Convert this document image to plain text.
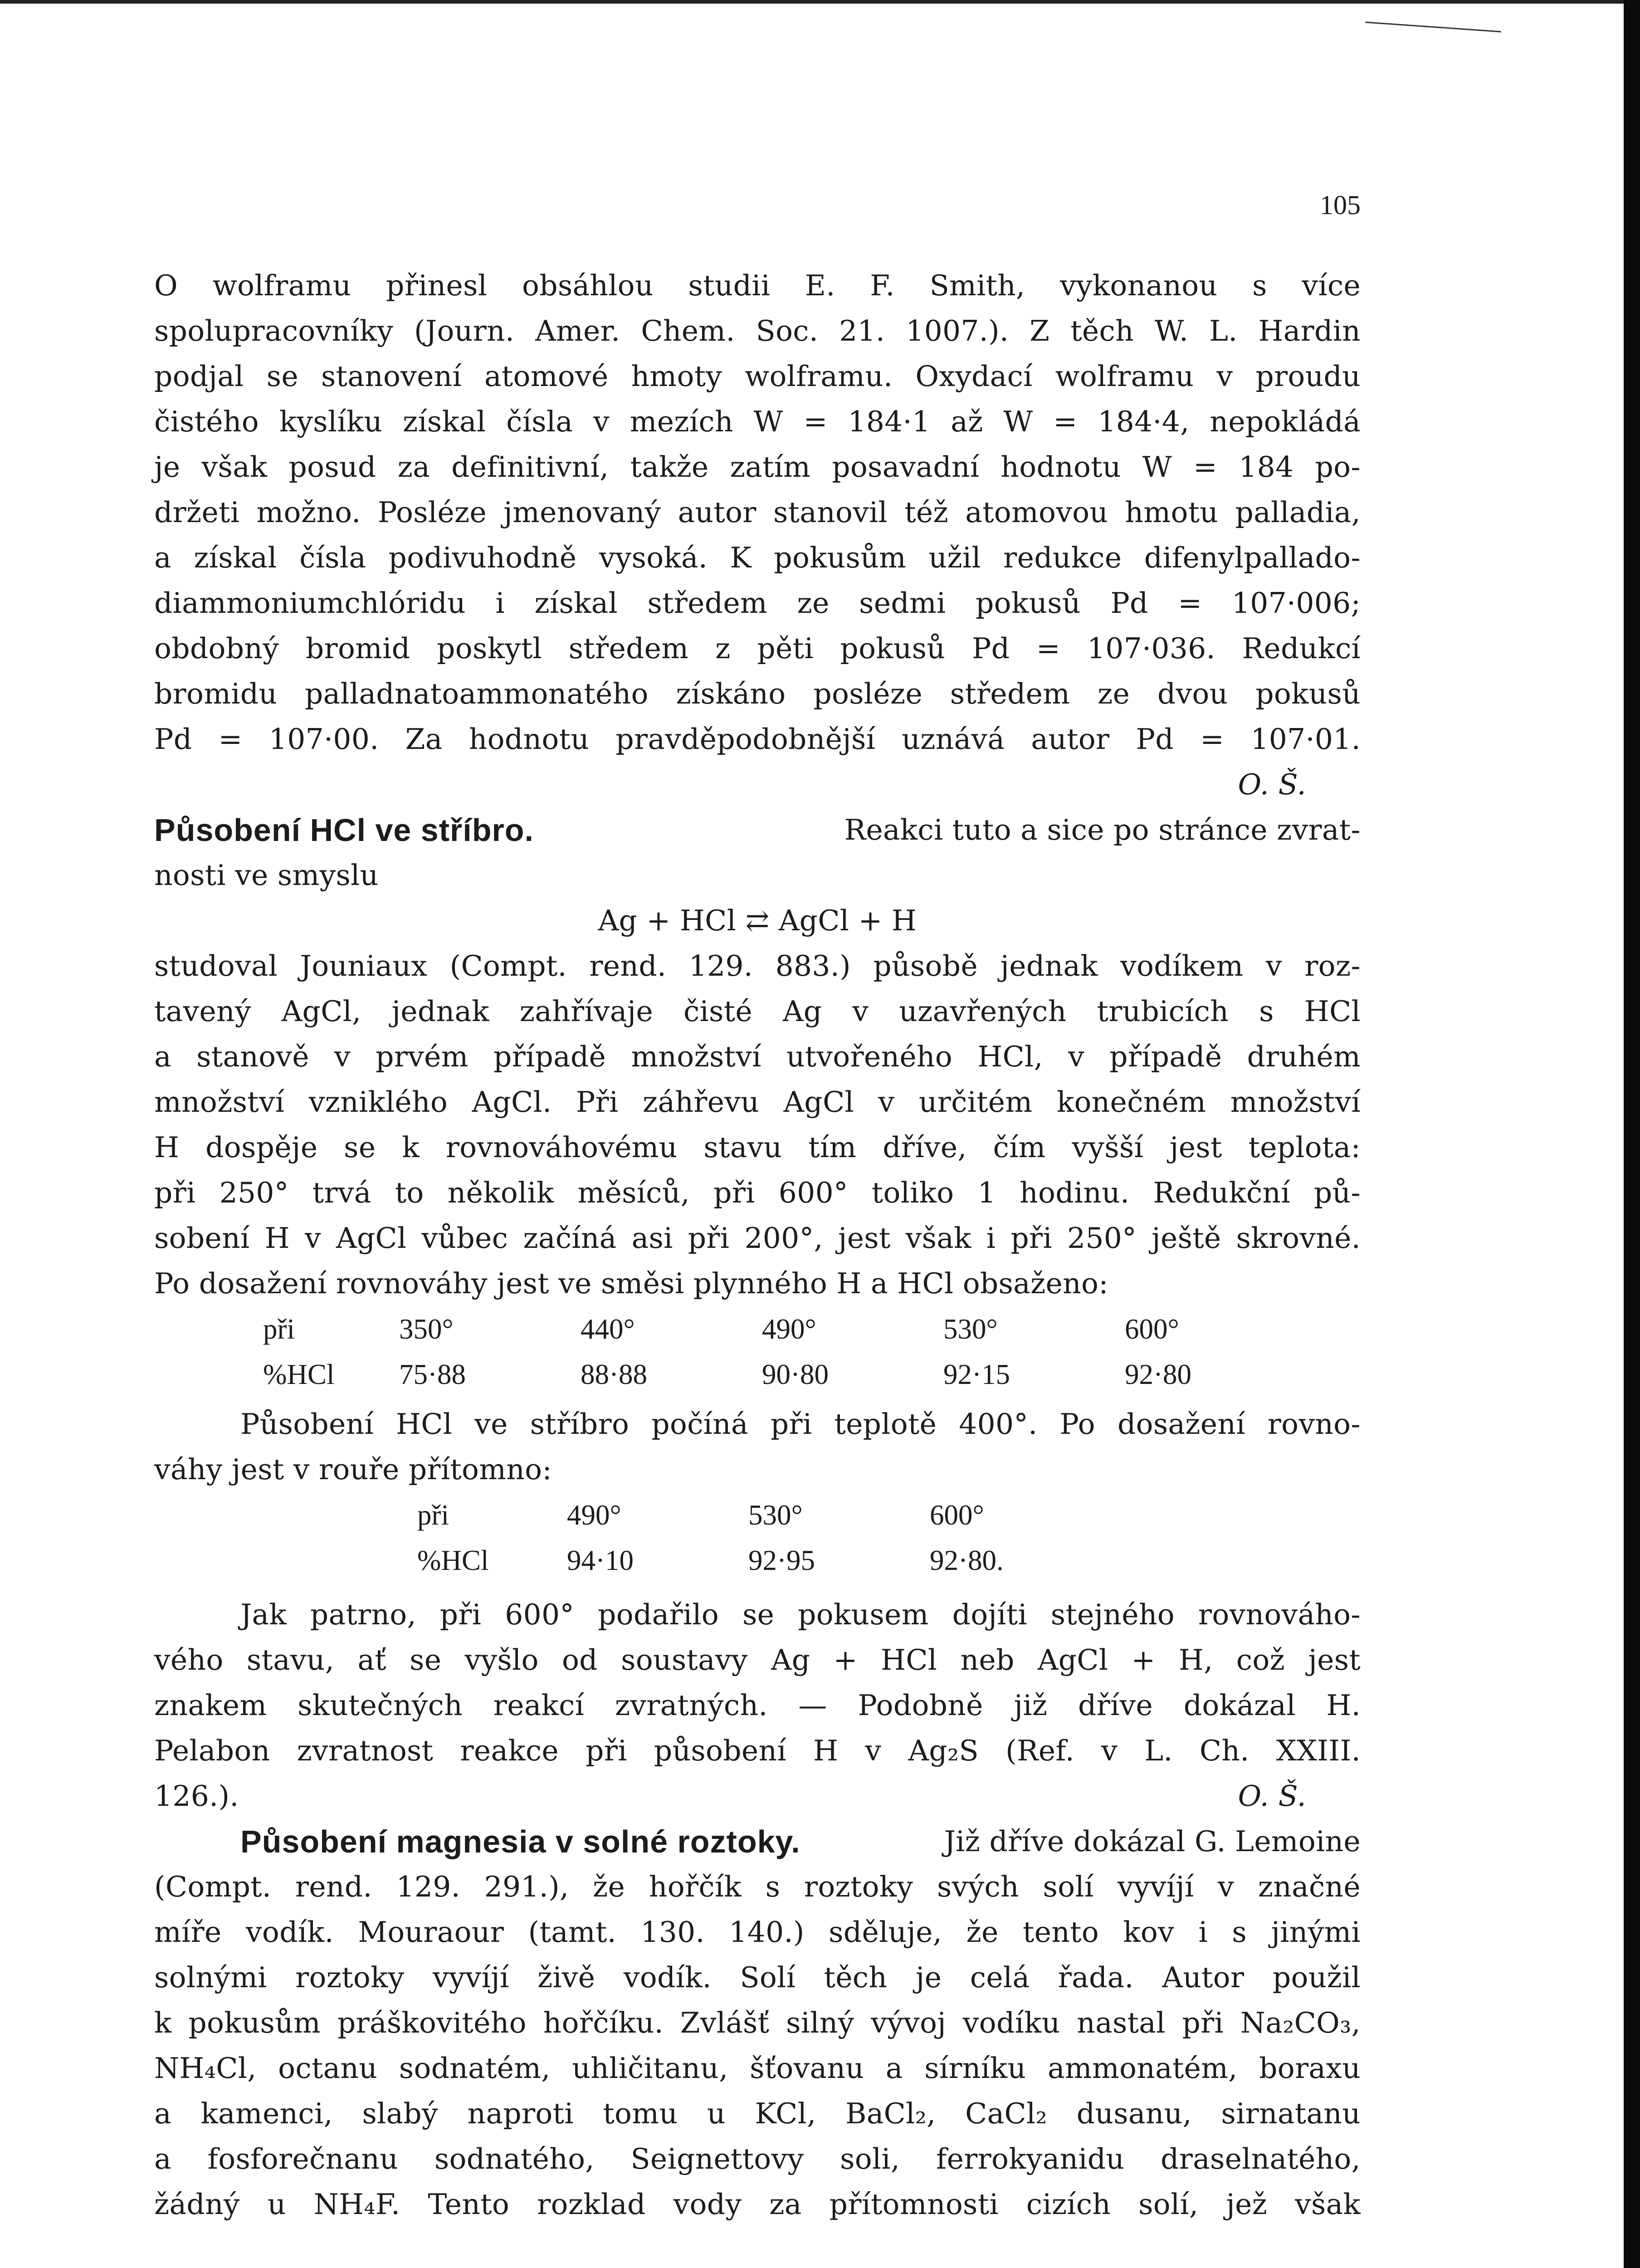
105
O wolframu přinesl obsáhlou studii E. F. Smith, vykonanou s více
spolupracovníky (Journ. Amer. Chem. Soc. 21. 1007.). Z těch W. L. Hardin
podjal se stanovení atomové hmoty wolframu. Oxydací wolframu v proudu
čistého kyslíku získal čísla v mezích W = 184·1 až W = 184·4, nepokládá
je však posud za definitivní, takže zatím posavadní hodnotu W = 184 po-
držeti možno. Posléze jmenovaný autor stanovil též atomovou hmotu palladia,
a získal čísla podivuhodně vysoká. K pokusům užil redukce difenylpallado-
diammoniumchlóridu i získal středem ze sedmi pokusů Pd = 107·006;
obdobný bromid poskytl středem z pěti pokusů Pd = 107·036. Redukcí
bromidu palladnatoammonatého získáno posléze středem ze dvou pokusů
Pd = 107·00. Za hodnotu pravděpodobnější uznává autor Pd = 107·01.
O. Š.
Působení HCl ve stříbro.	Reakci tuto a sice po stránce zvrat-
nosti ve smyslu
Ag + HCl ⇄ AgCl + H
studoval Jouniaux (Compt. rend. 129. 883.) působě jednak vodíkem v roz-
tavený AgCl, jednak zahřívaje čisté Ag v uzavřených trubicích s HCl
a stanově v prvém případě množství utvořeného HCl, v případě druhém
množství vzniklého AgCl. Při záhřevu AgCl v určitém konečném množství
H dospěje se k rovnováhovému stavu tím dříve, čím vyšší jest teplota:
při 250° trvá to několik měsíců, při 600° toliko 1 hodinu. Redukční pů-
sobení H v AgCl vůbec začíná asi při 200°, jest však i při 250° ještě skrovné.
Po dosažení rovnováhy jest ve směsi plynného H a HCl obsaženo:
při	350°	440°	490°	530°	600°
%HCl	75·88	88·88	90·80	92·15	92·80
Působení HCl ve stříbro počíná při teplotě 400°. Po dosažení rovno-
váhy jest v rouře přítomno:
při	490°	530°	600°
%HCl	94·10	92·95	92·80.
Jak patrno, při 600° podařilo se pokusem dojíti stejného rovnováho-
vého stavu, ať se vyšlo od soustavy Ag + HCl neb AgCl + H, což jest
znakem skutečných reakcí zvratných. — Podobně již dříve dokázal H.
Pelabon zvratnost reakce při působení H v Ag₂S (Ref. v L. Ch. XXIII.
126.).	O. Š.
Působení magnesia v solné roztoky.	Již dříve dokázal G. Lemoine
(Compt. rend. 129. 291.), že hořčík s roztoky svých solí vyvíjí v značné
míře vodík. Mouraour (tamt. 130. 140.) sděluje, že tento kov i s jinými
solnými roztoky vyvíjí živě vodík. Solí těch je celá řada. Autor použil
k pokusům práškovitého hořčíku. Zvlášť silný vývoj vodíku nastal při Na₂CO₃,
NH₄Cl, octanu sodnatém, uhličitanu, šťovanu a sírníku ammonatém, boraxu
a kamenci, slabý naproti tomu u KCl, BaCl₂, CaCl₂ dusanu, sirnatanu
a fosforečnanu sodnatého, Seignettovy soli, ferrokyanidu draselnatého,
žádný u NH₄F. Tento rozklad vody za přítomnosti cizích solí, jež však
